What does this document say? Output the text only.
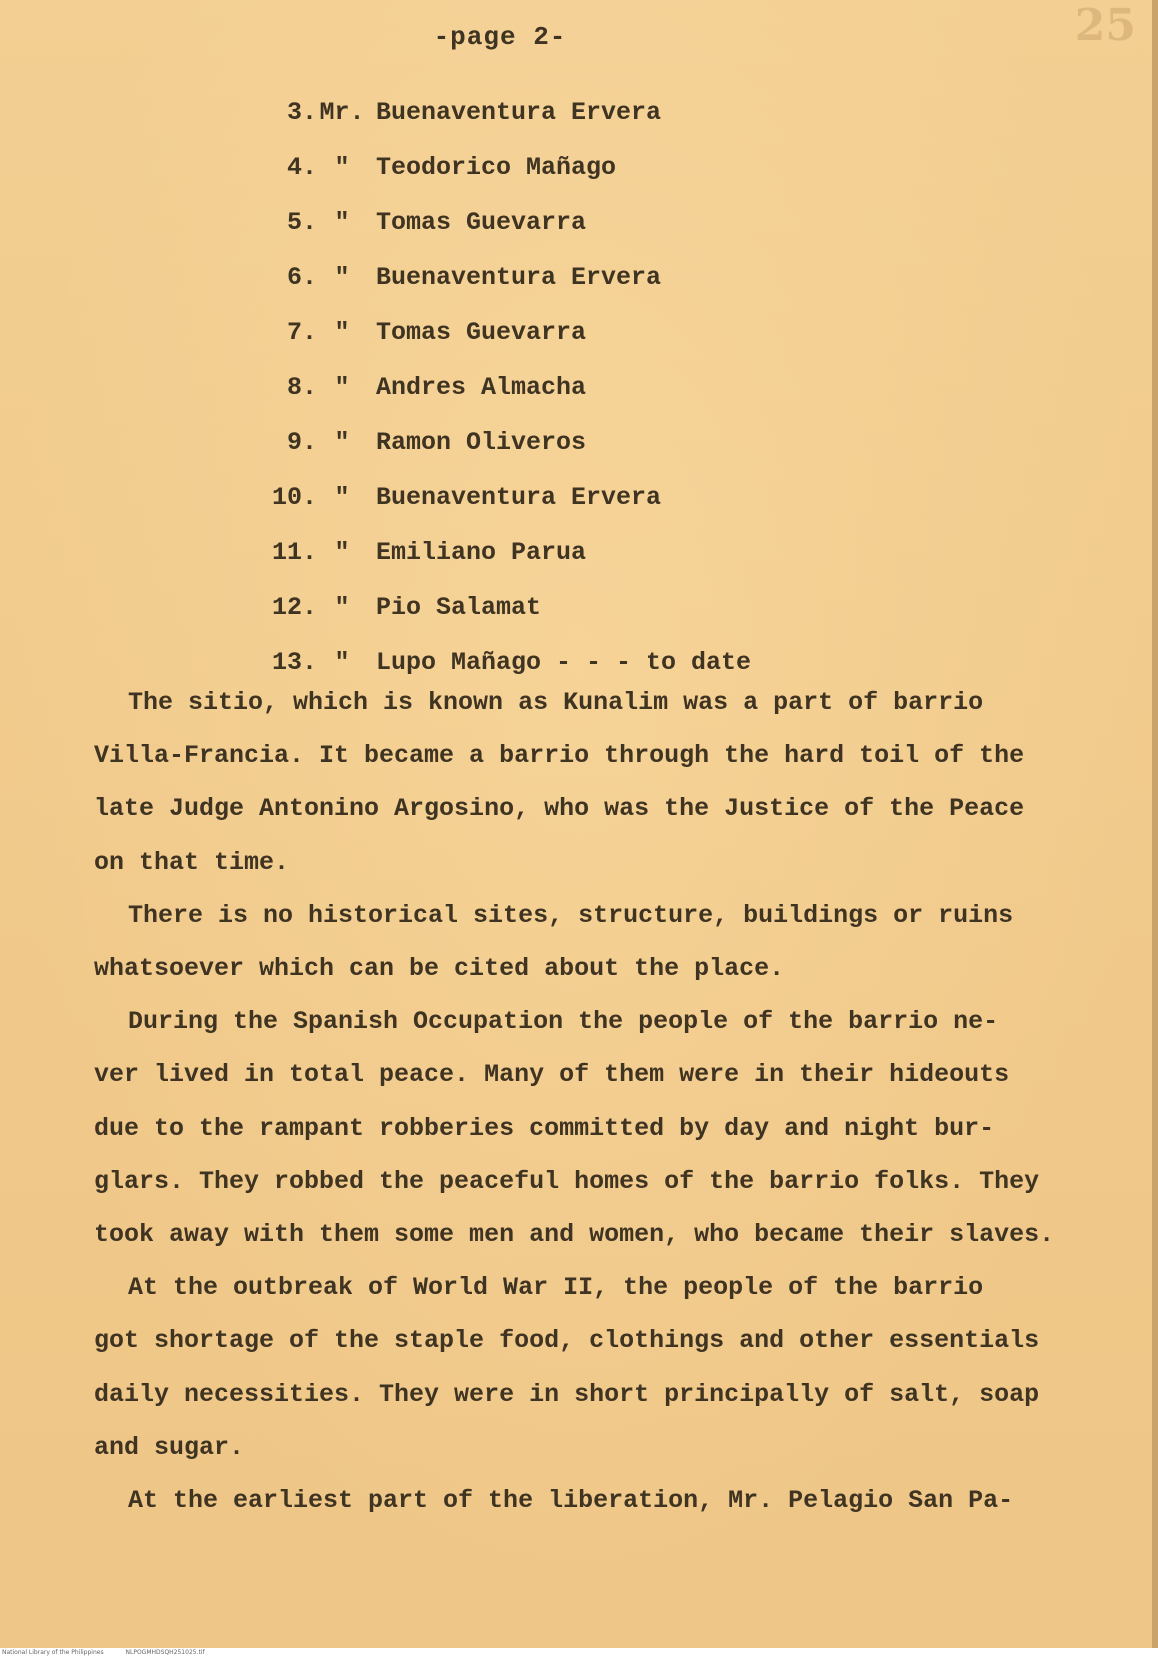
-page 2-	25
3.Mr. Buenaventura Ervera
4. " Teodorico Mañago
5. " Tomas Guevarra
6. " Buenaventura Ervera
7. " Tomas Guevarra
8. " Andres Almacha
9. " Ramon Oliveros
10. " Buenaventura Ervera
11. " Emiliano Parua
12. " Pio Salamat
13. " Lupo Mañago - - - to date
The sitio, which is known as Kunalim was a part of barrio
Villa-Francia. It became a barrio through the hard toil of the
late Judge Antonino Argosino, who was the Justice of the Peace
on that time.
There is no historical sites, structure, buildings or ruins
whatsoever which can be cited about the place.
During the Spanish Occupation the people of the barrio ne-
ver lived in total peace. Many of them were in their hideouts
due to the rampant robberies committed by day and night bur-
glars. They robbed the peaceful homes of the barrio folks. They
took away with them some men and women, who became their slaves.
At the outbreak of World War II, the people of the barrio
got shortage of the staple food, clothings and other essentials
daily necessities. They were in short principally of salt, soap
and sugar.
At the earliest part of the liberation, Mr. Pelagio San Pa-
National Library of the Philippines	NLPOGMHDSQH251025.tif
